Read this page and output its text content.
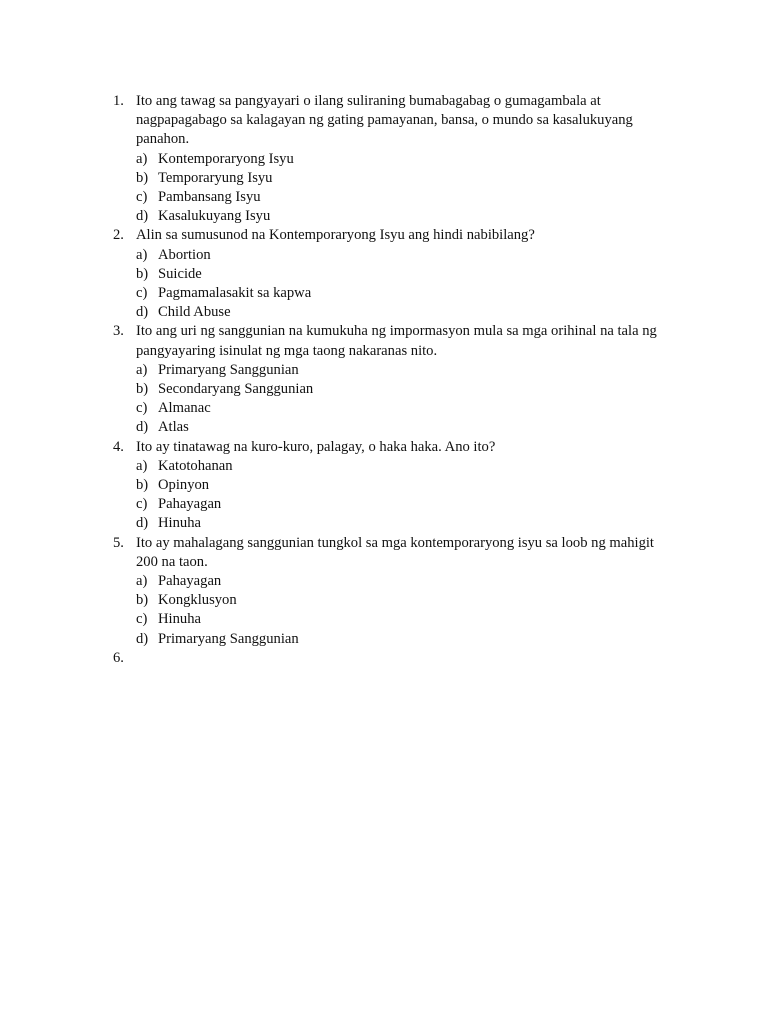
1. Ito ang tawag sa pangyayari o ilang suliraning bumabagabag o gumagambala at nagpapagabago sa kalagayan ng gating pamayanan, bansa, o mundo sa kasalukuyang panahon.
a) Kontemporaryong Isyu
b) Temporaryung Isyu
c) Pambansang Isyu
d) Kasalukuyang Isyu
2. Alin sa sumusunod na Kontemporaryong Isyu ang hindi nabibilang?
a) Abortion
b) Suicide
c) Pagmamalasakit sa kapwa
d) Child Abuse
3. Ito ang uri ng sanggunian na kumukuha ng impormasyon mula sa mga orihinal na tala ng pangyayaring isinulat ng mga taong nakaranas nito.
a) Primaryang Sanggunian
b) Secondaryang Sanggunian
c) Almanac
d) Atlas
4. Ito ay tinatawag na kuro-kuro, palagay, o haka haka. Ano ito?
a) Katotohanan
b) Opinyon
c) Pahayagan
d) Hinuha
5. Ito ay mahalagang sanggunian tungkol sa mga kontemporaryong isyu sa loob ng mahigit 200 na taon.
a) Pahayagan
b) Kongklusyon
c) Hinuha
d) Primaryang Sanggunian
6.
